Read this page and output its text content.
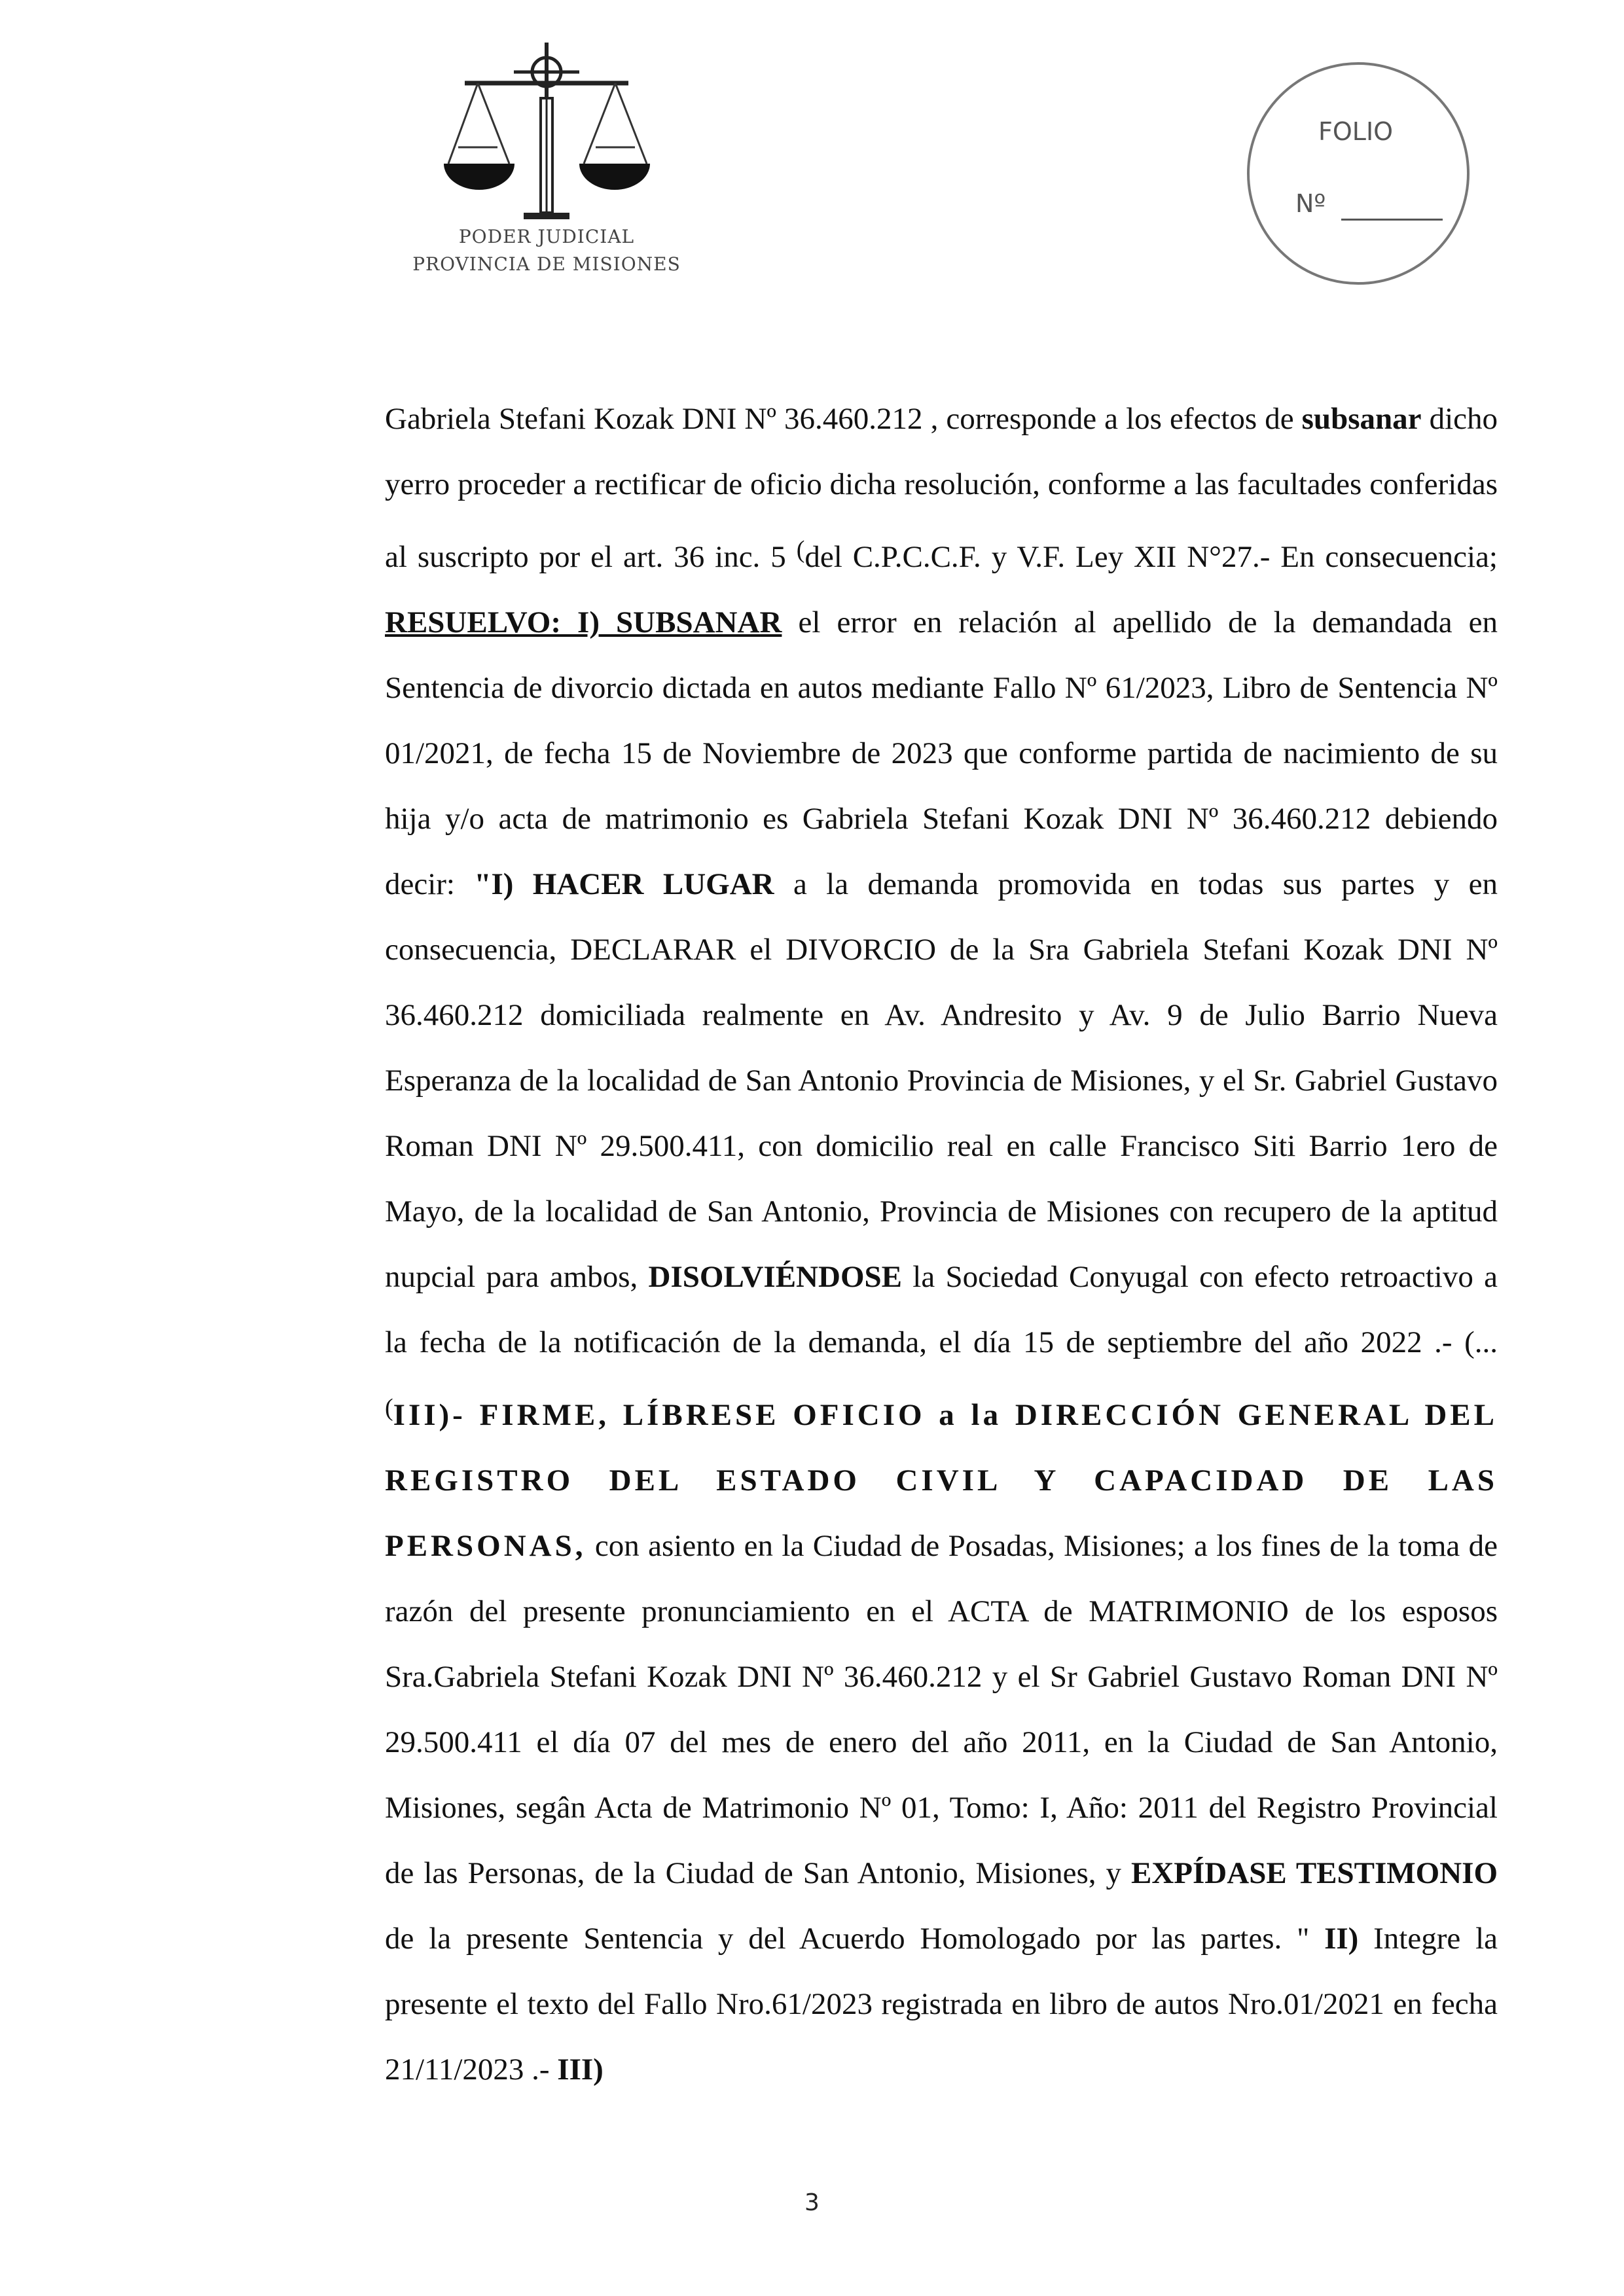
PODER JUDICIAL
PROVINCIA DE MISIONES
FOLIO
Nº
Gabriela Stefani Kozak DNI Nº 36.460.212 , corresponde a los efectos de subsanar dicho yerro proceder a rectificar de oficio dicha resolución, conforme a las facultades conferidas al suscripto por el art. 36 inc. 5 (del C.P.C.C.F. y V.F. Ley XII N°27.- En consecuencia; RESUELVO: I) SUBSANAR el error en relación al apellido de la demandada en Sentencia de divorcio dictada en autos mediante Fallo Nº 61/2023, Libro de Sentencia Nº 01/2021, de fecha 15 de Noviembre de 2023 que conforme partida de nacimiento de su hija y/o acta de matrimonio es Gabriela Stefani Kozak DNI Nº 36.460.212 debiendo decir: "I) HACER LUGAR a la demanda promovida en todas sus partes y en consecuencia, DECLARAR el DIVORCIO de la Sra Gabriela Stefani Kozak DNI Nº 36.460.212 domiciliada realmente en Av. Andresito y Av. 9 de Julio Barrio Nueva Esperanza de la localidad de San Antonio Provincia de Misiones, y el Sr. Gabriel Gustavo Roman DNI Nº 29.500.411, con domicilio real en calle Francisco Siti Barrio 1ero de Mayo, de la localidad de San Antonio, Provincia de Misiones con recupero de la aptitud nupcial para ambos, DISOLVIÉNDOSE la Sociedad Conyugal con efecto retroactivo a la fecha de la notificación de la demanda, el día 15 de septiembre del año 2022 .- (... (III)- FIRME, LÍBRESE OFICIO a la DIRECCIÓN GENERAL DEL REGISTRO DEL ESTADO CIVIL Y CAPACIDAD DE LAS PERSONAS, con asiento en la Ciudad de Posadas, Misiones; a los fines de la toma de razón del presente pronunciamiento en el ACTA de MATRIMONIO de los esposos Sra.Gabriela Stefani Kozak DNI Nº 36.460.212 y el Sr Gabriel Gustavo Roman DNI Nº 29.500.411 el día 07 del mes de enero del año 2011, en la Ciudad de San Antonio, Misiones, segân Acta de Matrimonio Nº 01, Tomo: I, Año: 2011 del Registro Provincial de las Personas, de la Ciudad de San Antonio, Misiones, y EXPÍDASE TESTIMONIO de la presente Sentencia y del Acuerdo Homologado por las partes. " II) Integre la presente el texto del Fallo Nro.61/2023 registrada en libro de autos Nro.01/2021 en fecha 21/11/2023 .- III)
3
